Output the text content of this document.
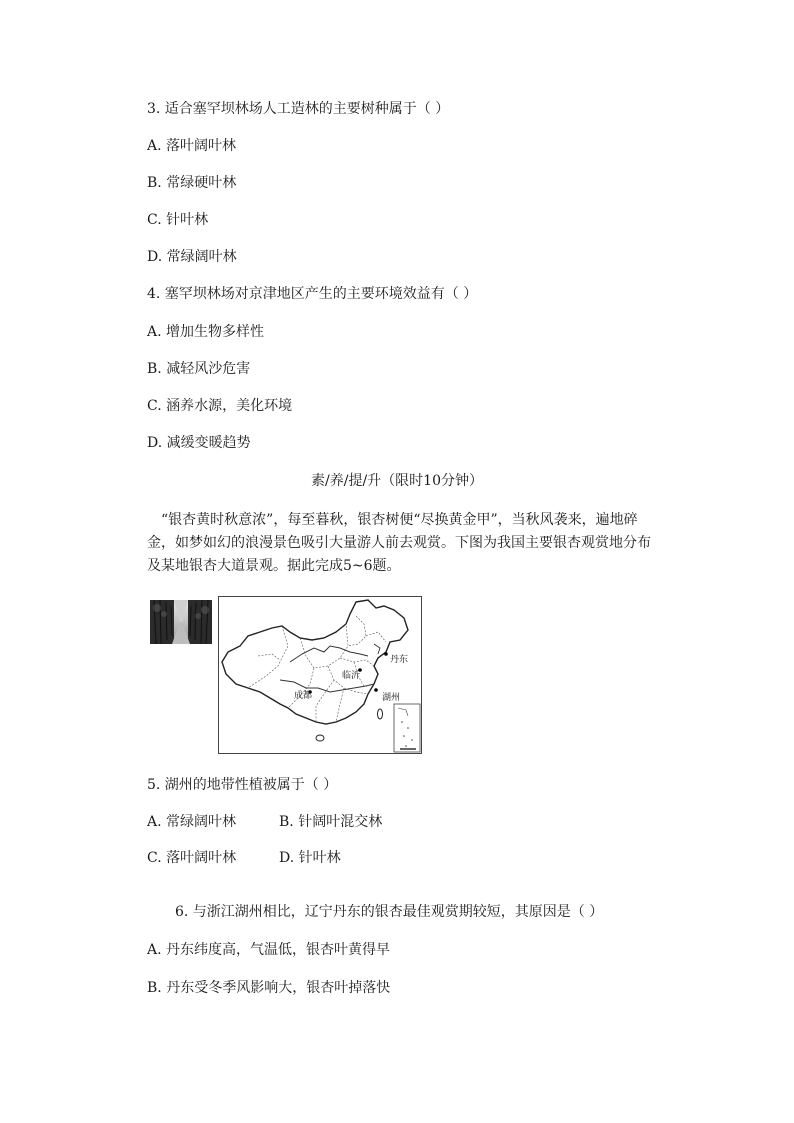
3. 适合塞罕坝林场人工造林的主要树种属于（ ）
A. 落叶阔叶林
B. 常绿硬叶林
C. 针叶林
D. 常绿阔叶林
4. 塞罕坝林场对京津地区产生的主要环境效益有（ ）
A. 增加生物多样性
B. 减轻风沙危害
C. 涵养水源，美化环境
D. 减缓变暖趋势
素/养/提/升（限时10分钟）
“银杏黄时秋意浓”，每至暮秋，银杏树便“尽换黄金甲”，当秋风袭来，遍地碎金，如梦如幻的浪漫景色吸引大量游人前去观赏。下图为我国主要银杏观赏地分布及某地银杏大道景观。据此完成5~6题。
丹东
临沂
成都	湖州
5. 湖州的地带性植被属于（ ）
A. 常绿阔叶林	B. 针阔叶混交林
C. 落叶阔叶林	D. 针叶林
6. 与浙江湖州相比，辽宁丹东的银杏最佳观赏期较短，其原因是（ ）
A. 丹东纬度高，气温低，银杏叶黄得早
B. 丹东受冬季风影响大，银杏叶掉落快
